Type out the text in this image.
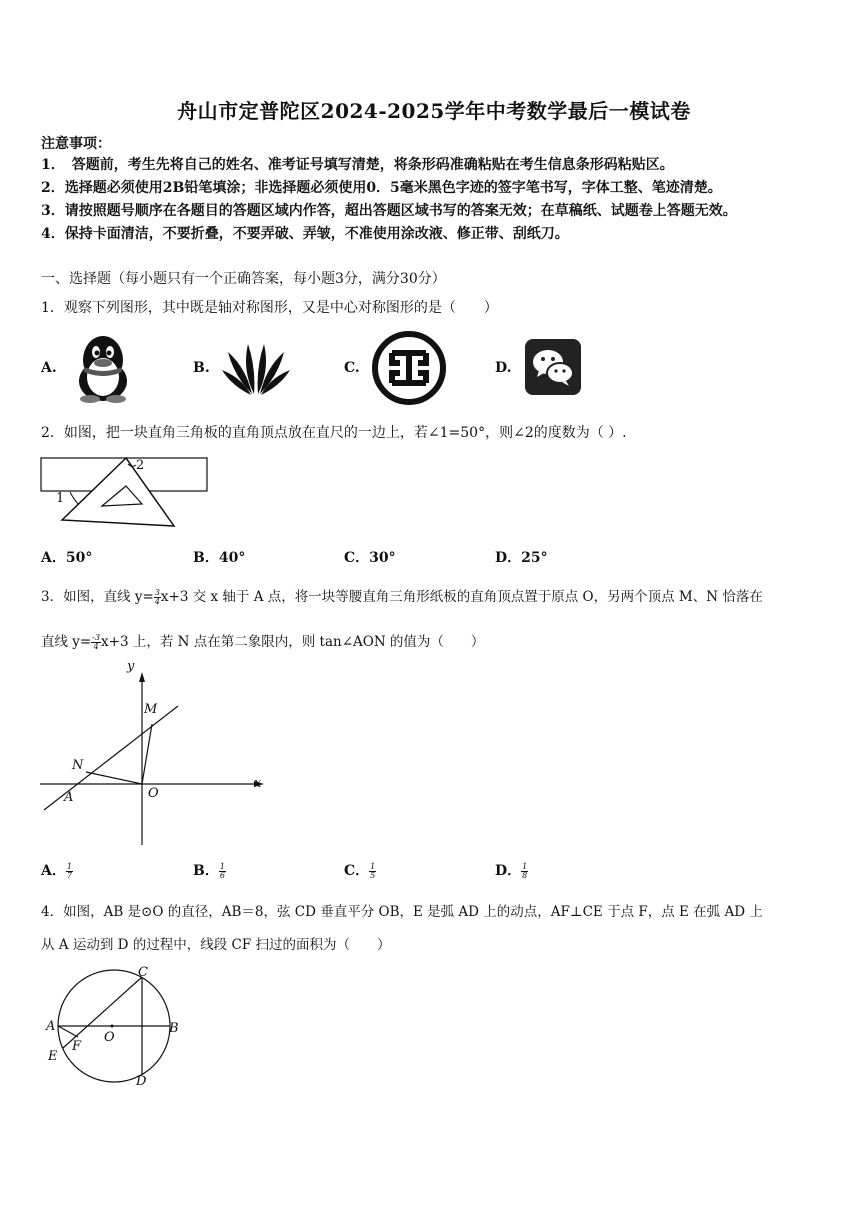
舟山市定普陀区2024-2025学年中考数学最后一模试卷
注意事项：
1．　答题前，考生先将自己的姓名、准考证号填写清楚，将条形码准确粘贴在考生信息条形码粘贴区。
2．选择题必须使用2B铅笔填涂；非选择题必须使用0．5毫米黑色字迹的签字笔书写，字体工整、笔迹清楚。
3．请按照题号顺序在各题目的答题区域内作答，超出答题区域书写的答案无效；在草稿纸、试题卷上答题无效。
4．保持卡面清洁，不要折叠，不要弄破、弄皱，不准使用涂改液、修正带、刮纸刀。
一、选择题（每小题只有一个正确答案，每小题3分，满分30分）
1．观察下列图形，其中既是轴对称图形，又是中心对称图形的是（　　）
A.	B.	C.	D.
2．如图，把一块直角三角板的直角顶点放在直尺的一边上，若∠1=50°，则∠2的度数为（ ）.
1
2
A．50°	B．40°	C．30°	D．25°
3．如图，直线 $y= \frac{3}{4} x+3$ 交 x 轴于 A 点，将一块等腰直角三角形纸板的直角顶点置于原点 O，另两个顶点 M、N 恰落在
直线 $y= \frac{-3}{4} x+3$ 上，若 N 点在第二象限内，则 tan∠AON 的值为（　　）
y
x
M
N
A	O
A． $\frac{1}{7}$	B． $\frac{1}{6}$	C． $\frac{1}{5}$	D． $\frac{1}{8}$
4．如图，AB 是⊙O 的直径，AB＝8，弦 CD 垂直平分 OB，E 是弧 AD 上的动点，AF⊥CE 于点 F，点 E 在弧 AD 上
从 A 运动到 D 的过程中，线段 CF 扫过的面积为（　　）
C
A	B
O
F
E
D
